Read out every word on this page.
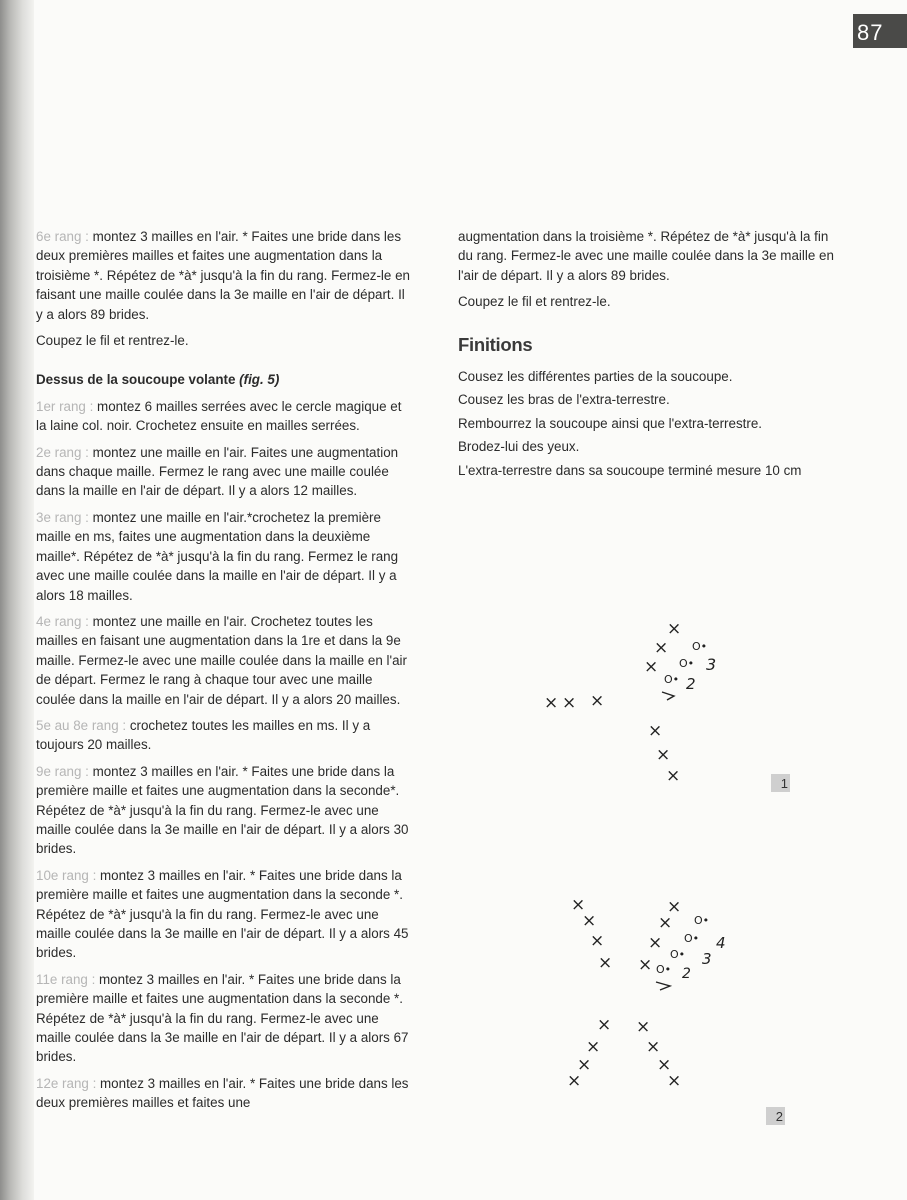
87

6e rang : montez 3 mailles en l'air. * Faites une bride dans les deux premières mailles et faites une augmentation dans la troisième *. Répétez de *à* jusqu'à la fin du rang. Fermez-le en faisant une maille coulée dans la 3e maille en l'air de départ. Il y a alors 89 brides.

Coupez le fil et rentrez-le.

Dessus de la soucoupe volante (fig. 5)

1er rang : montez 6 mailles serrées avec le cercle magique et la laine col. noir. Crochetez ensuite en mailles serrées.

2e rang : montez une maille en l'air. Faites une augmentation dans chaque maille. Fermez le rang avec une maille coulée dans la maille en l'air de départ. Il y a alors 12 mailles.

3e rang : montez une maille en l'air.*crochetez la première maille en ms, faites une augmentation dans la deuxième maille*. Répétez de *à* jusqu'à la fin du rang. Fermez le rang avec une maille coulée dans la maille en l'air de départ. Il y a alors 18 mailles.

4e rang : montez une maille en l'air. Crochetez toutes les mailles en faisant une augmentation dans la 1re et dans la 9e maille. Fermez-le avec une maille coulée dans la maille en l'air de départ. Fermez le rang à chaque tour avec une maille coulée dans la maille en l'air de départ. Il y a alors 20 mailles.

5e au 8e rang : crochetez toutes les mailles en ms. Il y a toujours 20 mailles.

9e rang : montez 3 mailles en l'air. * Faites une bride dans la première maille et faites une augmentation dans la seconde*. Répétez de *à* jusqu'à la fin du rang. Fermez-le avec une maille coulée dans la 3e maille en l'air de départ. Il y a alors 30 brides.

10e rang : montez 3 mailles en l'air. * Faites une bride dans la première maille et faites une augmentation dans la seconde *. Répétez de *à* jusqu'à la fin du rang. Fermez-le avec une maille coulée dans la 3e maille en l'air de départ. Il y a alors 45 brides.

11e rang : montez 3 mailles en l'air. * Faites une bride dans la première maille et faites une augmentation dans la seconde *. Répétez de *à* jusqu'à la fin du rang. Fermez-le avec une maille coulée dans la 3e maille en l'air de départ. Il y a alors 67 brides.

12e rang : montez 3 mailles en l'air. * Faites une bride dans les deux premières mailles et faites une

augmentation dans la troisième *. Répétez de *à* jusqu'à la fin du rang. Fermez-le avec une maille coulée dans la 3e maille en l'air de départ. Il y a alors 89 brides.

Coupez le fil et rentrez-le.

Finitions

Cousez les différentes parties de la soucoupe.

Cousez les bras de l'extra-terrestre.

Rembourrez la soucoupe ainsi que l'extra-terrestre.

Brodez-lui des yeux.

L'extra-terrestre dans sa soucoupe terminé mesure 10 cm

×
×
×
× × ×
×
×
×
O•
O•
O•
3
2
1
×
×
×
×
×
×
×
×
×
×
×
×
×
×
×
×
O•
O•
O•
O•
4
3
2
2
